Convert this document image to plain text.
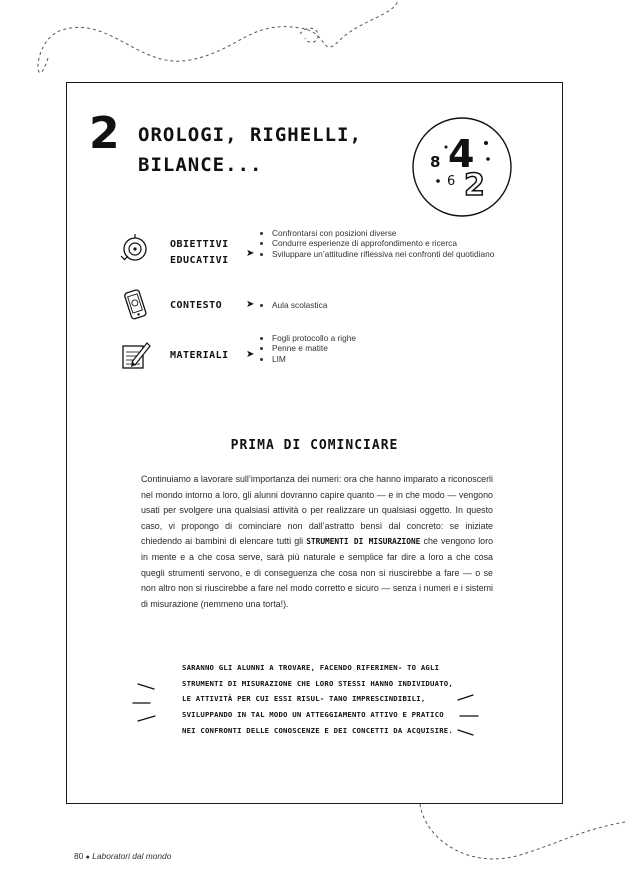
2 OROLOGI, RIGHELLI,
BILANCE...	8 4
6 2
OBIETTIVI
EDUCATIVI
➤
• Confrontarsi con posizioni diverse
• Condurre esperienze di approfondimento e ricerca
• Sviluppare un’attitudine riflessiva nei confronti del quotidiano
CONTESTO ➤
• Aula scolastica
MATERIALI ➤
• Fogli protocollo a righe
• Penne e matite
• LIM
PRIMA DI COMINCIARE
Continuiamo a lavorare sull’importanza dei numeri: ora che hanno imparato a riconoscerli nel mondo intorno a loro, gli alunni dovranno capire quanto — e in che modo — vengono usati per svolgere una qualsiasi attività o per realizzare un qualsiasi oggetto. In questo caso, vi propongo di cominciare non dall’astratto bensì dal concreto: se iniziate chiedendo ai bambini di elencare tutti gli STRUMENTI DI MISURAZIONE che vengono loro in mente e a che cosa serve, sarà più naturale e semplice far dire a loro a che cosa quegli strumenti servono, e di conseguenza che cosa non si riuscirebbe a fare — o se non altro non si riuscirebbe a fare nel modo corretto e sicuro — senza i numeri e i sistemi di misurazione (nemmeno una torta!).
SARANNO GLI ALUNNI A TROVARE, FACENDO RIFERIMEN- TO AGLI STRUMENTI DI MISURAZIONE CHE LORO STESSI HANNO INDIVIDUATO, LE ATTIVITÀ PER CUI ESSI RISUL- TANO IMPRESCINDIBILI, SVILUPPANDO IN TAL MODO UN ATTEGGIAMENTO ATTIVO E PRATICO NEI CONFRONTI DELLE CONOSCENZE E DEI CONCETTI DA ACQUISIRE.
80 ● Laboratori dal mondo
